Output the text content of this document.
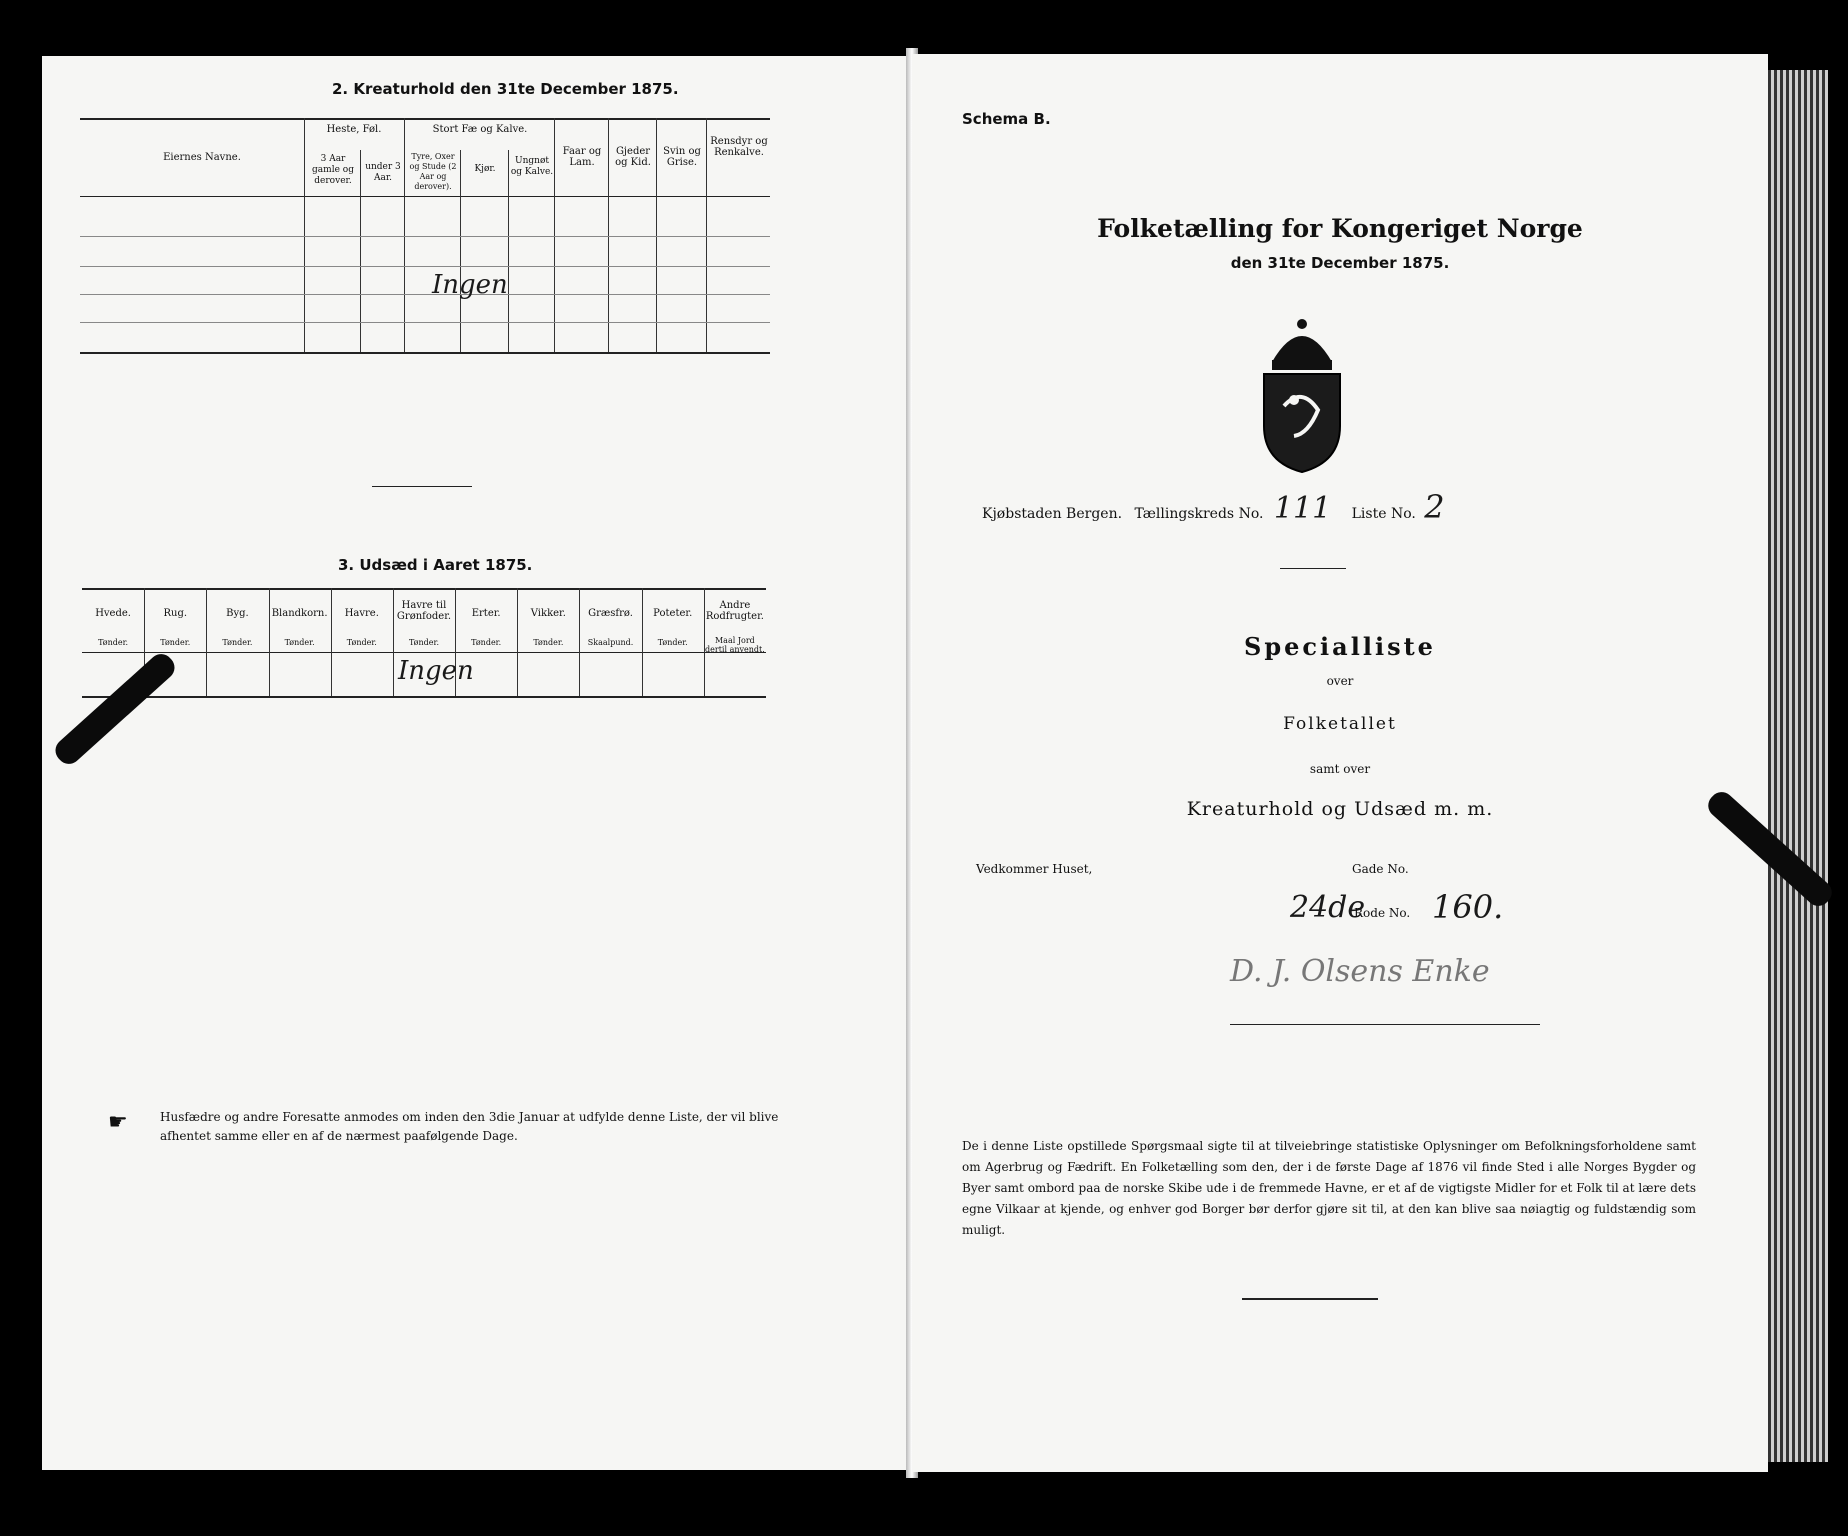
2. Kreaturhold den 31te December 1875.
Eiernes Navne.
Heste, Føl.
3 Aar gamle og derover.
under 3 Aar.
Stort Fæ og Kalve.
Tyre, Oxer og Stude (2 Aar og derover).
Kjør.
Ungnøt og Kalve.
Faar og Lam.
Gjeder og Kid.
Svin og Grise.
Rensdyr og Renkalve.
Ingen
3. Udsæd i Aaret 1875.
Hvede.
Tønder.
Rug.
Tønder.
Byg.
Tønder.
Blandkorn.
Tønder.
Havre.
Tønder.
Havre til Grønfoder.
Tønder.
Erter.
Tønder.
Vikker.
Tønder.
Græsfrø.
Skaalpund.
Poteter.
Tønder.
Andre Rodfrugter.
Maal Jord dertil anvendt.
Ingen
☛	Husfædre og andre Foresatte anmodes om inden den 3die Januar at udfylde denne Liste, der vil blive afhentet samme eller en af de nærmest paafølgende Dage.
Schema B.
Folketælling for Kongeriget Norge
den 31te December 1875.
Kjøbstaden Bergen. Tællingskreds No. 111 Liste No. 2
Specialliste
over
Folketallet
samt over
Kreaturhold og Udsæd m. m.
Vedkommer Huset,	Gade No.
24de
Rode No. 160.
D. J. Olsens Enke
De i denne Liste opstillede Spørgsmaal sigte til at tilveiebringe statistiske Oplysninger om Befolkningsforholdene samt om Agerbrug og Fædrift. En Folketælling som den, der i de første Dage af 1876 vil finde Sted i alle Norges Bygder og Byer samt ombord paa de norske Skibe ude i de fremmede Havne, er et af de vigtigste Midler for et Folk til at lære dets egne Vilkaar at kjende, og enhver god Borger bør derfor gjøre sit til, at den kan blive saa nøiagtig og fuldstændig som muligt.
